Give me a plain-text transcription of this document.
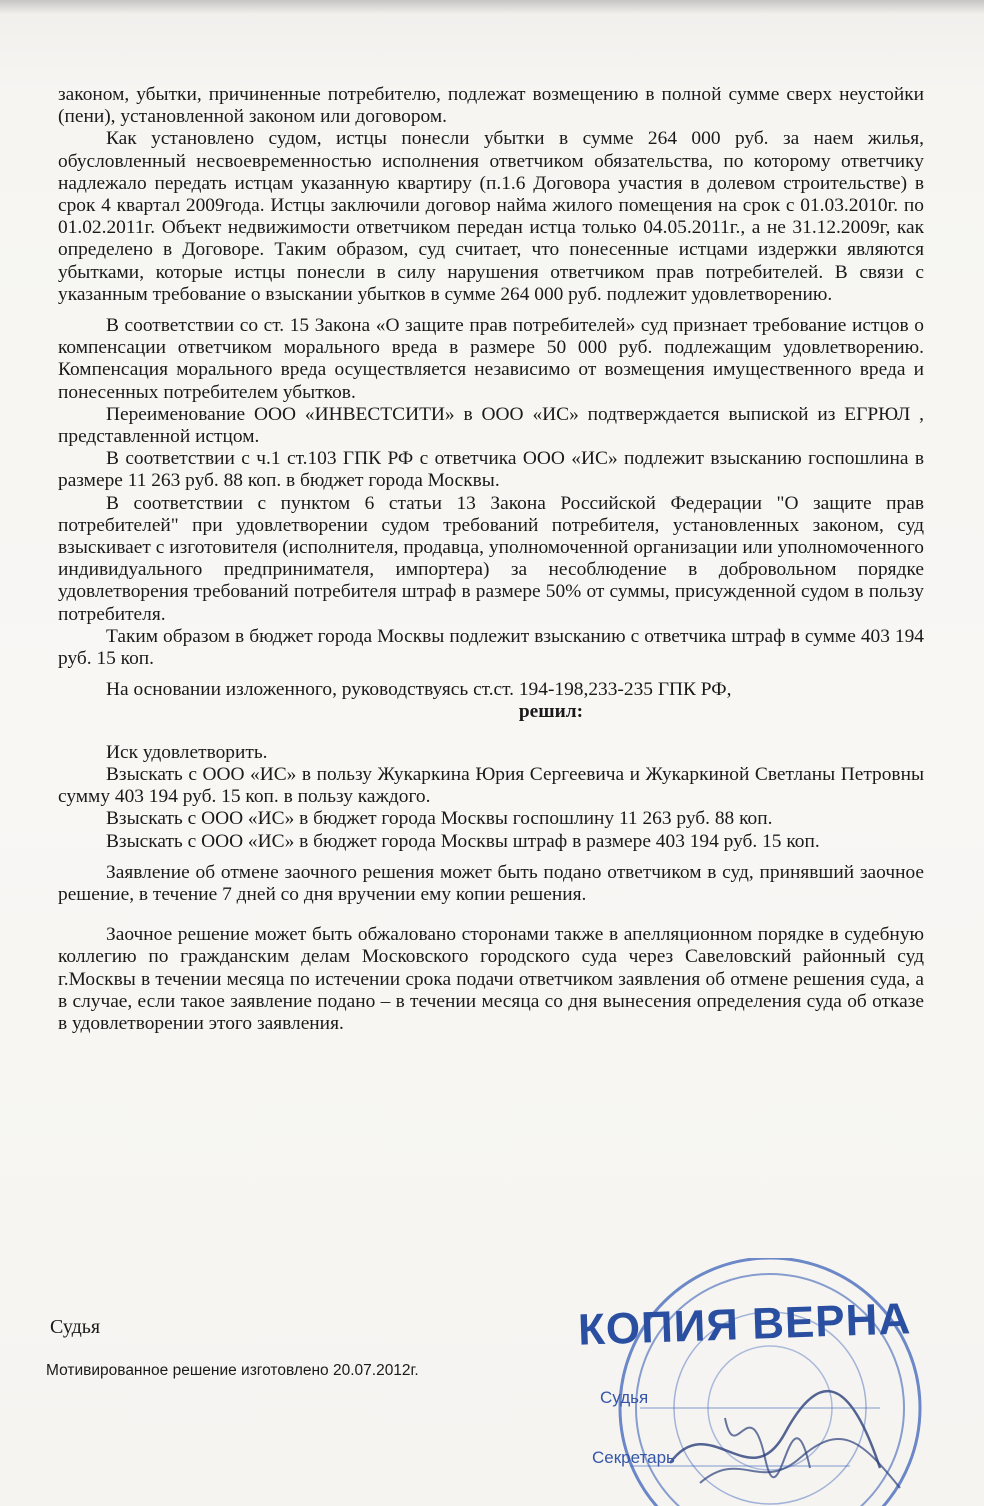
законом, убытки, причиненные потребителю, подлежат возмещению в полной сумме сверх неустойки (пени), установленной законом или договором.

Как установлено судом, истцы понесли убытки в сумме 264 000 руб. за наем жилья, обусловленный несвоевременностью исполнения ответчиком обязательства, по которому ответчику надлежало передать истцам указанную квартиру (п.1.6 Договора участия в долевом строительстве) в срок 4 квартал 2009года. Истцы заключили договор найма жилого помещения на срок с 01.03.2010г. по 01.02.2011г. Объект недвижимости ответчиком передан истца только 04.05.2011г., а не 31.12.2009г, как определено в Договоре. Таким образом, суд считает, что понесенные истцами издержки являются убытками, которые истцы понесли в силу нарушения ответчиком прав потребителей. В связи с указанным требование о взыскании убытков в сумме 264 000 руб. подлежит удовлетворению.

В соответствии со ст. 15 Закона «О защите прав потребителей» суд признает требование истцов о компенсации ответчиком морального вреда в размере 50 000 руб. подлежащим удовлетворению. Компенсация морального вреда осуществляется независимо от возмещения имущественного вреда и понесенных потребителем убытков.

Переименование ООО «ИНВЕСТСИТИ» в ООО «ИС» подтверждается выпиской из ЕГРЮЛ , представленной истцом.

В соответствии с ч.1 ст.103 ГПК РФ с ответчика ООО «ИС» подлежит взысканию госпошлина в размере 11 263 руб. 88 коп. в бюджет города Москвы.

В соответствии с пунктом 6 статьи 13 Закона Российской Федерации "О защите прав потребителей" при удовлетворении судом требований потребителя, установленных законом, суд взыскивает с изготовителя (исполнителя, продавца, уполномоченной организации или уполномоченного индивидуального предпринимателя, импортера) за несоблюдение в добровольном порядке удовлетворения требований потребителя штраф в размере 50% от суммы, присужденной судом в пользу потребителя.

Таким образом в бюджет города Москвы подлежит взысканию с ответчика штраф в сумме 403 194 руб. 15 коп.

На основании изложенного, руководствуясь ст.ст. 194-198,233-235 ГПК РФ,

решил:

Иск удовлетворить.

Взыскать с ООО «ИС» в пользу Жукаркина Юрия Сергеевича и Жукаркиной Светланы Петровны сумму 403 194 руб. 15 коп. в пользу каждого.

Взыскать с ООО «ИС» в бюджет города Москвы госпошлину 11 263 руб. 88 коп.

Взыскать с ООО «ИС» в бюджет города Москвы штраф в размере 403 194 руб. 15 коп.

Заявление об отмене заочного решения может быть подано ответчиком в суд, принявший заочное решение, в течение 7 дней со дня вручении ему копии решения.

Заочное решение может быть обжаловано сторонами также в апелляционном порядке в судебную коллегию по гражданским делам Московского городского суда через Савеловский районный суд г.Москвы в течении месяца по истечении срока подачи ответчиком заявления об отмене решения суда, а в случае, если такое заявление подано – в течении месяца со дня вынесения определения суда об отказе в удовлетворении этого заявления.

Судья
Мотивированное решение изготовлено 20.07.2012г.
КОПИЯ ВЕРНА
Судья
Секретарь
